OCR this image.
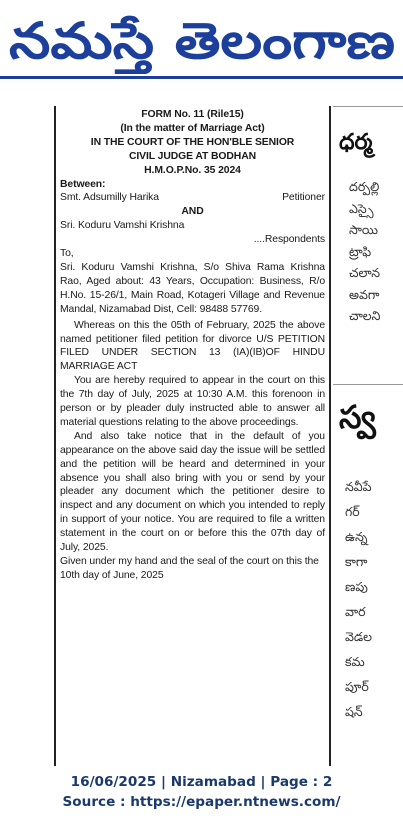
నమస్తే తెలంగాణ
FORM No. 11 (Rile15)
(In the matter of Marriage Act)
IN THE COURT OF THE HON'BLE SENIOR
CIVIL JUDGE AT BODHAN
H.M.O.P.No. 35 2024
Between:
Smt. Adsumilly Harika	Petitioner
AND
Sri. Koduru Vamshi Krishna
....Respondents
To,

Sri. Koduru Vamshi Krishna, S/o Shiva Rama Krishna Rao, Aged about: 43 Years, Occupation: Business, R/o H.No. 15-26/1, Main Road, Kotageri Village and Revenue Mandal, Nizamabad Dist, Cell: 98488 57769.

Whereas on this the 05th of February, 2025 the above named petitioner filed petition for divorce U/S PETITION FILED UNDER SECTION 13 (IA)(IB)OF HINDU MARRIAGE ACT

You are hereby required to appear in the court on this the 7th day of July, 2025 at 10:30 A.M. this forenoon in person or by pleader duly instructed able to answer all material questions relating to the above proceedings.

And also take notice that in the default of you appearance on the above said day the issue will be settled and the petition will be heard and determined in your absence you shall also bring with you or send by your pleader any document which the petitioner desire to inspect and any document on which you intended to reply in support of your notice. You are required to file a written statement in the court on or before this the 07th day of July, 2025.

Given under my hand and the seal of the court on this the 10th day of June, 2025

ధర్మ
దర్పల్లి
ఎస్సై
సాయి
ట్రాఫి
చలాన
అవగా
చాలని
స్వ
నవీపే
గర్
ఉన్న
కాగా
ణపు
వార
వెడల
కమ
పూర్
షన్
16/06/2025 | Nizamabad | Page : 2
Source : https://epaper.ntnews.com/
